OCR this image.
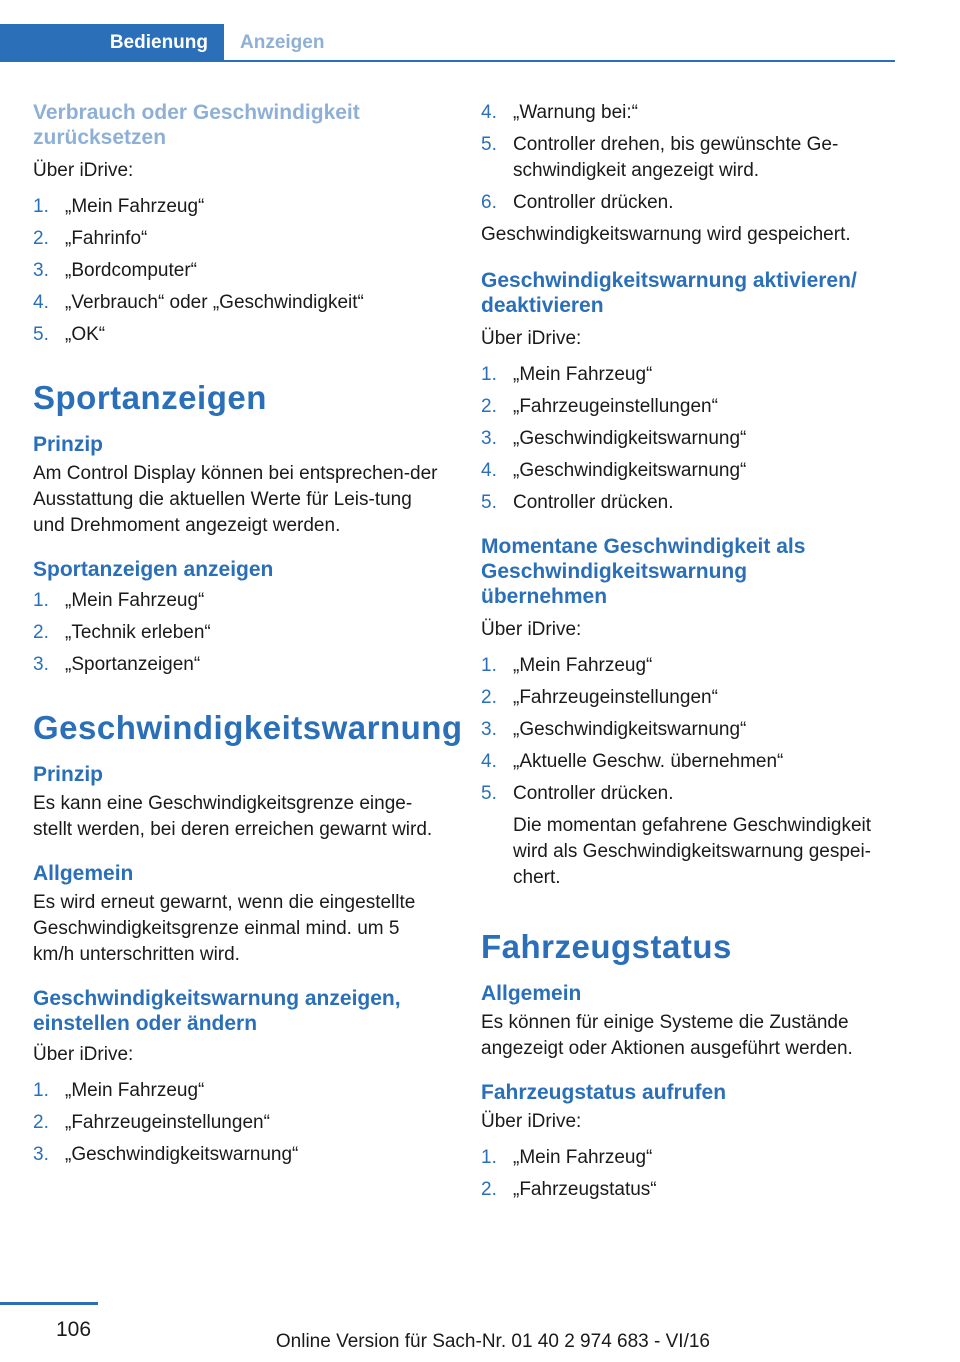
Bedienung	Anzeigen
Verbrauch oder Geschwindigkeit zurücksetzen
Über iDrive:
1. „Mein Fahrzeug“
2. „Fahrinfo“
3. „Bordcomputer“
4. „Verbrauch“ oder „Geschwindigkeit“
5. „OK“
Sportanzeigen
Prinzip
Am Control Display können bei entsprechen-der Ausstattung die aktuellen Werte für Leis-tung und Drehmoment angezeigt werden.
Sportanzeigen anzeigen
1. „Mein Fahrzeug“
2. „Technik erleben“
3. „Sportanzeigen“
Geschwindigkeitswarnung
Prinzip
Es kann eine Geschwindigkeitsgrenze einge-stellt werden, bei deren erreichen gewarnt wird.
Allgemein
Es wird erneut gewarnt, wenn die eingestellte Geschwindigkeitsgrenze einmal mind. um 5 km/h unterschritten wird.
Geschwindigkeitswarnung anzeigen, einstellen oder ändern
Über iDrive:
1. „Mein Fahrzeug“
2. „Fahrzeugeinstellungen“
3. „Geschwindigkeitswarnung“
4. „Warnung bei:“
5. Controller drehen, bis gewünschte Ge-schwindigkeit angezeigt wird.
6. Controller drücken.
Geschwindigkeitswarnung wird gespeichert.
Geschwindigkeitswarnung aktivieren/ deaktivieren
Über iDrive:
1. „Mein Fahrzeug“
2. „Fahrzeugeinstellungen“
3. „Geschwindigkeitswarnung“
4. „Geschwindigkeitswarnung“
5. Controller drücken.
Momentane Geschwindigkeit als Geschwindigkeitswarnung übernehmen
Über iDrive:
1. „Mein Fahrzeug“
2. „Fahrzeugeinstellungen“
3. „Geschwindigkeitswarnung“
4. „Aktuelle Geschw. übernehmen“
5. Controller drücken.
Die momentan gefahrene Geschwindigkeit wird als Geschwindigkeitswarnung gespei-chert.
Fahrzeugstatus
Allgemein
Es können für einige Systeme die Zustände angezeigt oder Aktionen ausgeführt werden.
Fahrzeugstatus aufrufen
Über iDrive:
1. „Mein Fahrzeug“
2. „Fahrzeugstatus“
106
Online Version für Sach-Nr. 01 40 2 974 683 - VI/16
